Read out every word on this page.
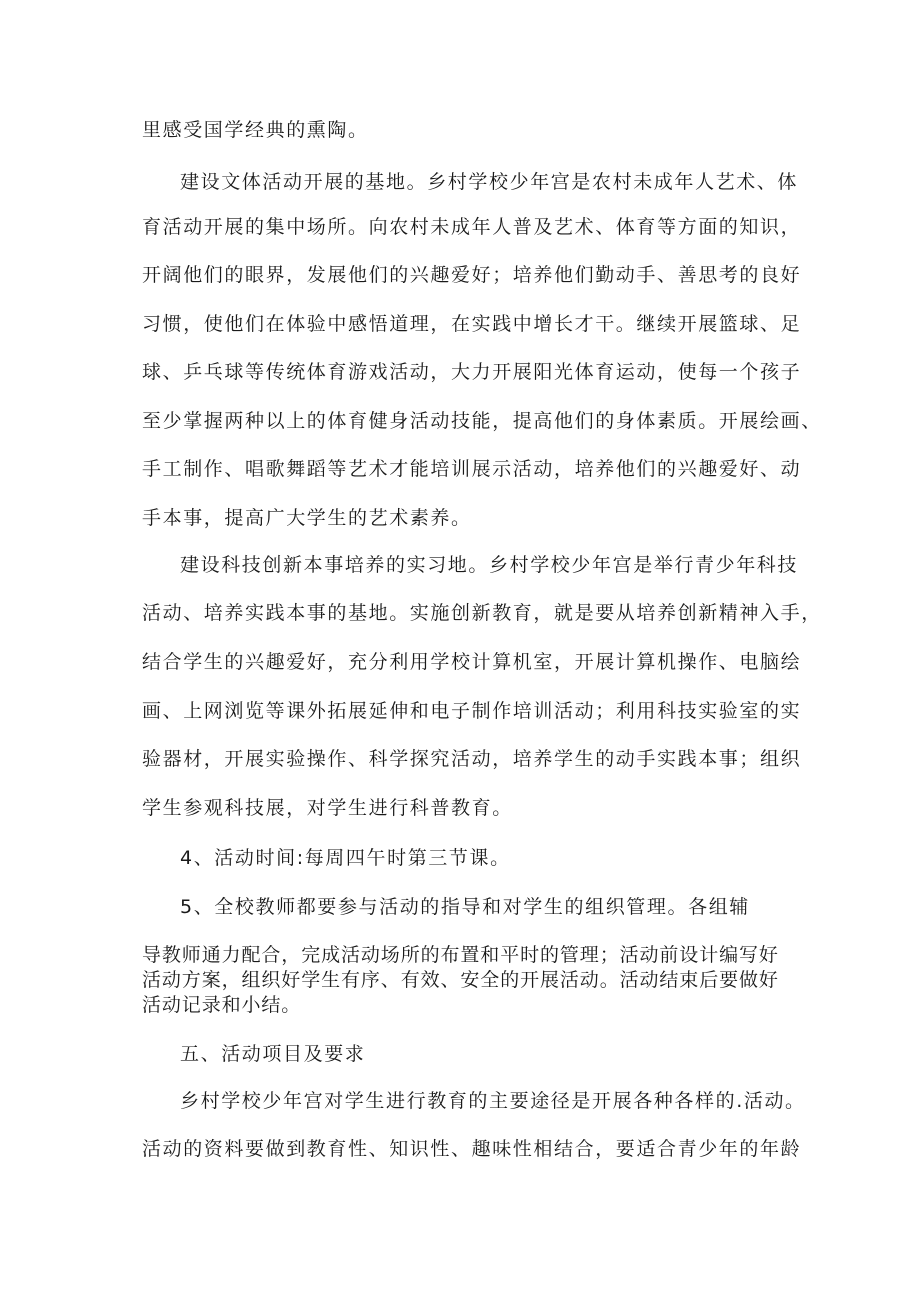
里感受国学经典的熏陶。

建设文体活动开展的基地。乡村学校少年宫是农村未成年人艺术、体

育活动开展的集中场所。向农村未成年人普及艺术、体育等方面的知识，

开阔他们的眼界，发展他们的兴趣爱好；培养他们勤动手、善思考的良好

习惯，使他们在体验中感悟道理，在实践中增长才干。继续开展篮球、足

球、乒乓球等传统体育游戏活动，大力开展阳光体育运动，使每一个孩子

至少掌握两种以上的体育健身活动技能，提高他们的身体素质。开展绘画、

手工制作、唱歌舞蹈等艺术才能培训展示活动，培养他们的兴趣爱好、动

手本事，提高广大学生的艺术素养。

建设科技创新本事培养的实习地。乡村学校少年宫是举行青少年科技

活动、培养实践本事的基地。实施创新教育，就是要从培养创新精神入手，

结合学生的兴趣爱好，充分利用学校计算机室，开展计算机操作、电脑绘

画、上网浏览等课外拓展延伸和电子制作培训活动；利用科技实验室的实

验器材，开展实验操作、科学探究活动，培养学生的动手实践本事；组织

学生参观科技展，对学生进行科普教育。

4、活动时间:每周四午时第三节课。

5、全校教师都要参与活动的指导和对学生的组织管理。各组辅

导教师通力配合，完成活动场所的布置和平时的管理；活动前设计编写好

活动方案，组织好学生有序、有效、安全的开展活动。活动结束后要做好

活动记录和小结。

五、活动项目及要求

乡村学校少年宫对学生进行教育的主要途径是开展各种各样的.活动。

活动的资料要做到教育性、知识性、趣味性相结合，要适合青少年的年龄
